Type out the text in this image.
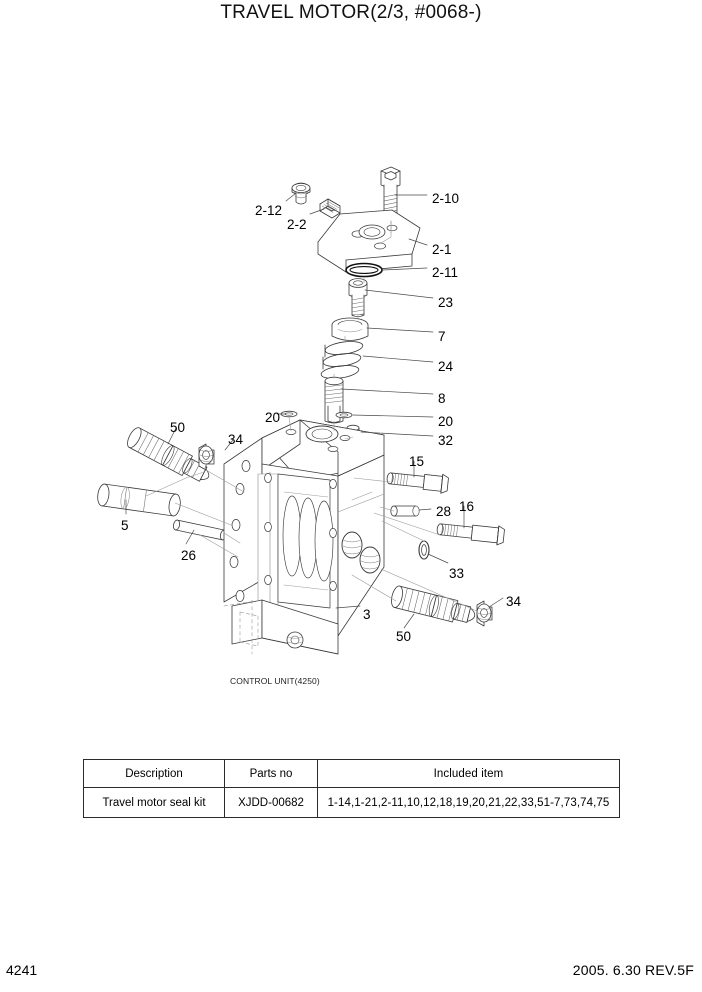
TRAVEL MOTOR(2/3, #0068-)
2-12
2-2
2-10
2-1
2-11
23
7
24
8
20
32
20
15
28 16
33
34
50
34
5
26
3
50
CONTROL UNIT(4250)
Description	Parts no	Included item
Travel motor seal kit	XJDD-00682	1-14,1-21,2-11,10,12,18,19,20,21,22,33,51-7,73,74,75
4241	2005. 6.30 REV.5F
